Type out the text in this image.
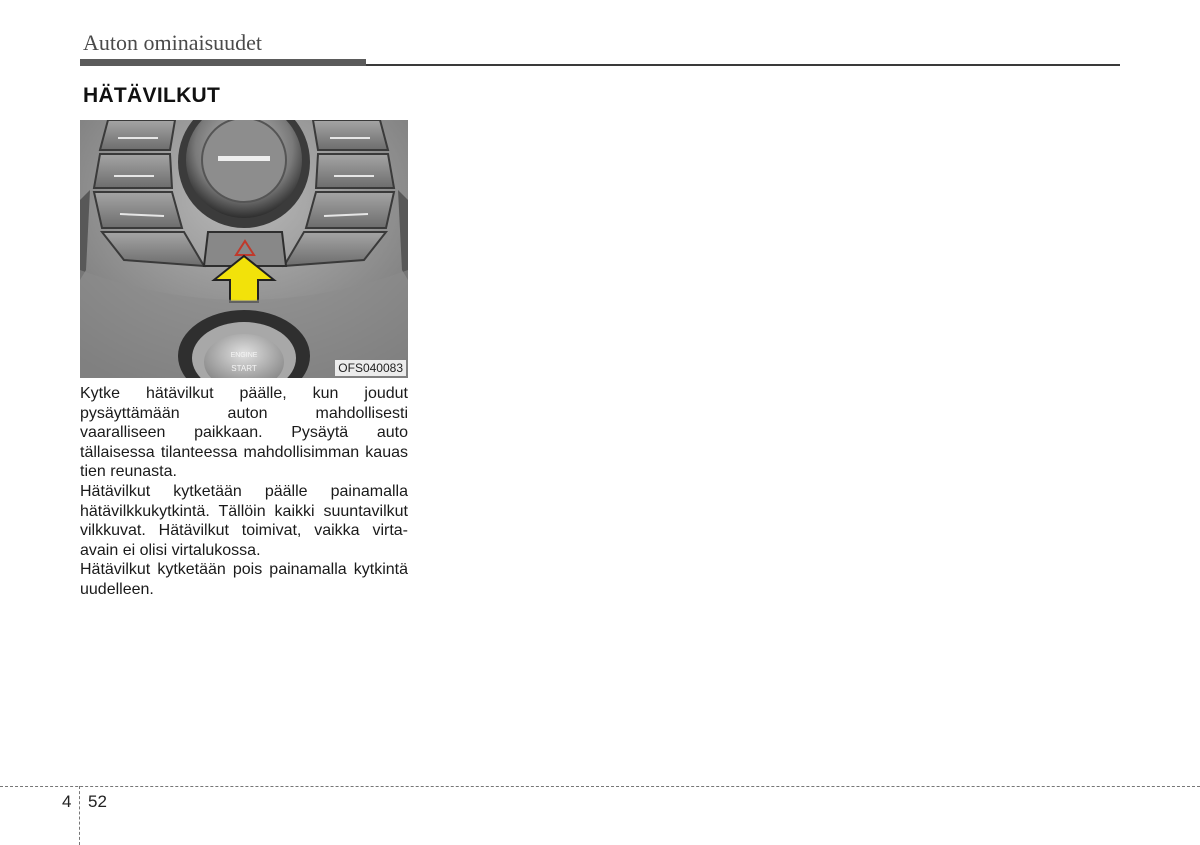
Auton ominaisuudet
HÄTÄVILKUT
ENGINE
START	OFS040083

Kytke hätävilkut päälle, kun joudut pysäyttämään auton mahdollisesti vaaralliseen paikkaan. Pysäytä auto tällaisessa tilanteessa mahdollisimman kauas tien reunasta.

Hätävilkut kytketään päälle painamalla hätävilkkukytkintä. Tällöin kaikki suuntavilkut vilkkuvat. Hätävilkut toimivat, vaikka virta-avain ei olisi virtalukossa.

Hätävilkut kytketään pois painamalla kytkintä uudelleen.

4 52
